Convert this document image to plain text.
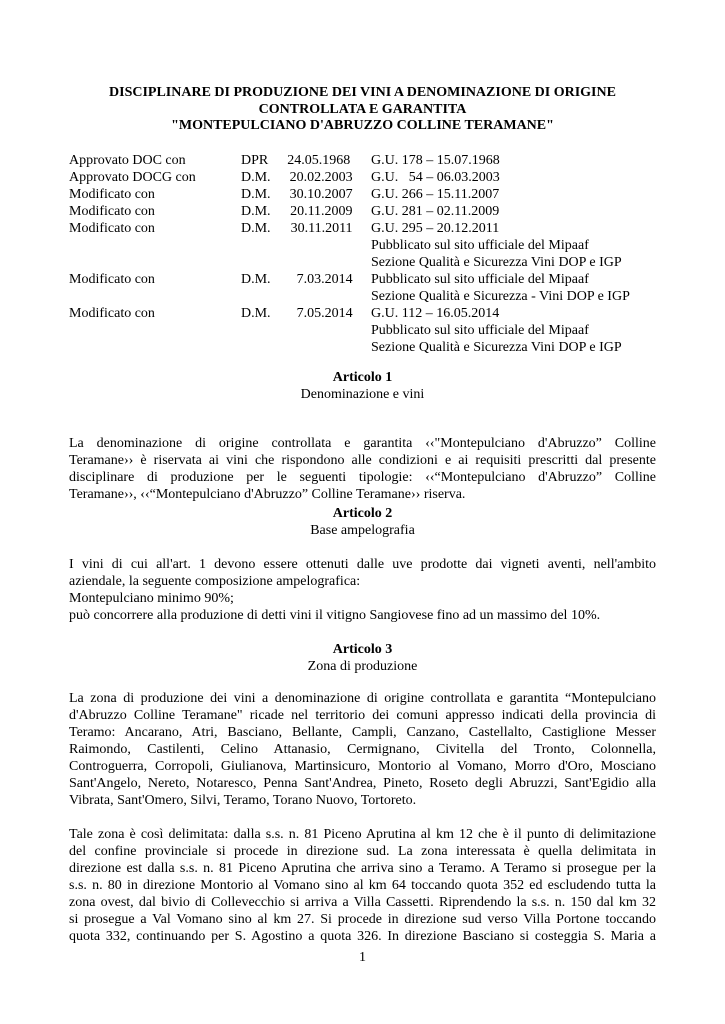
DISCIPLINARE DI PRODUZIONE DEI VINI A DENOMINAZIONE DI ORIGINE
CONTROLLATA E GARANTITA
"MONTEPULCIANO D'ABRUZZO COLLINE TERAMANE"
Approvato DOC con	DPR 24.05.1968	G.U. 178 – 15.07.1968
Approvato DOCG con	D.M. 20.02.2003	G.U.   54 – 06.03.2003
Modificato con	D.M. 30.10.2007	G.U. 266 – 15.11.2007
Modificato con	D.M. 20.11.2009	G.U. 281 – 02.11.2009
Modificato con	D.M. 30.11.2011	G.U. 295 – 20.12.2011
Pubblicato sul sito ufficiale del Mipaaf
Sezione Qualità e Sicurezza Vini DOP e IGP
Modificato con	D.M. 7.03.2014	Pubblicato sul sito ufficiale del Mipaaf
Sezione Qualità e Sicurezza - Vini DOP e IGP
Modificato con	D.M. 7.05.2014	G.U. 112 – 16.05.2014
Pubblicato sul sito ufficiale del Mipaaf
Sezione Qualità e Sicurezza Vini DOP e IGP
Articolo 1
Denominazione e vini
La denominazione di origine controllata e garantita ‹‹"Montepulciano d'Abruzzo” Colline
Teramane›› è riservata ai vini che rispondono alle condizioni e ai requisiti prescritti dal presente
disciplinare di produzione per le seguenti tipologie: ‹‹“Montepulciano d'Abruzzo” Colline
Teramane››, ‹‹“Montepulciano d'Abruzzo” Colline Teramane›› riserva.
Articolo 2
Base ampelografia
I vini di cui all'art. 1 devono essere ottenuti dalle uve prodotte dai vigneti aventi, nell'ambito
aziendale, la seguente composizione ampelografica:
Montepulciano minimo 90%;
può concorrere alla produzione di detti vini il vitigno Sangiovese fino ad un massimo del 10%.
Articolo 3
Zona di produzione
La zona di produzione dei vini a denominazione di origine controllata e garantita “Montepulciano
d'Abruzzo Colline Teramane" ricade nel territorio dei comuni appresso indicati della provincia di
Teramo: Ancarano, Atri, Basciano, Bellante, Campli, Canzano, Castellalto, Castiglione Messer
Raimondo, Castilenti, Celino Attanasio, Cermignano, Civitella del Tronto, Colonnella,
Controguerra, Corropoli, Giulianova, Martinsicuro, Montorio al Vomano, Morro d'Oro, Mosciano
Sant'Angelo, Nereto, Notaresco, Penna Sant'Andrea, Pineto, Roseto degli Abruzzi, Sant'Egidio alla
Vibrata, Sant'Omero, Silvi, Teramo, Torano Nuovo, Tortoreto.
Tale zona è così delimitata: dalla s.s. n. 81 Piceno Aprutina al km 12 che è il punto di delimitazione
del confine provinciale si procede in direzione sud. La zona interessata è quella delimitata in
direzione est dalla s.s. n. 81 Piceno Aprutina che arriva sino a Teramo. A Teramo si prosegue per la
s.s. n. 80 in direzione Montorio al Vomano sino al km 64 toccando quota 352 ed escludendo tutta la
zona ovest, dal bivio di Collevecchio si arriva a Villa Cassetti. Riprendendo la s.s. n. 150 dal km 32
si prosegue a Val Vomano sino al km 27. Si procede in direzione sud verso Villa Portone toccando
quota 332, continuando per S. Agostino a quota 326. In direzione Basciano si costeggia S. Maria a
1
